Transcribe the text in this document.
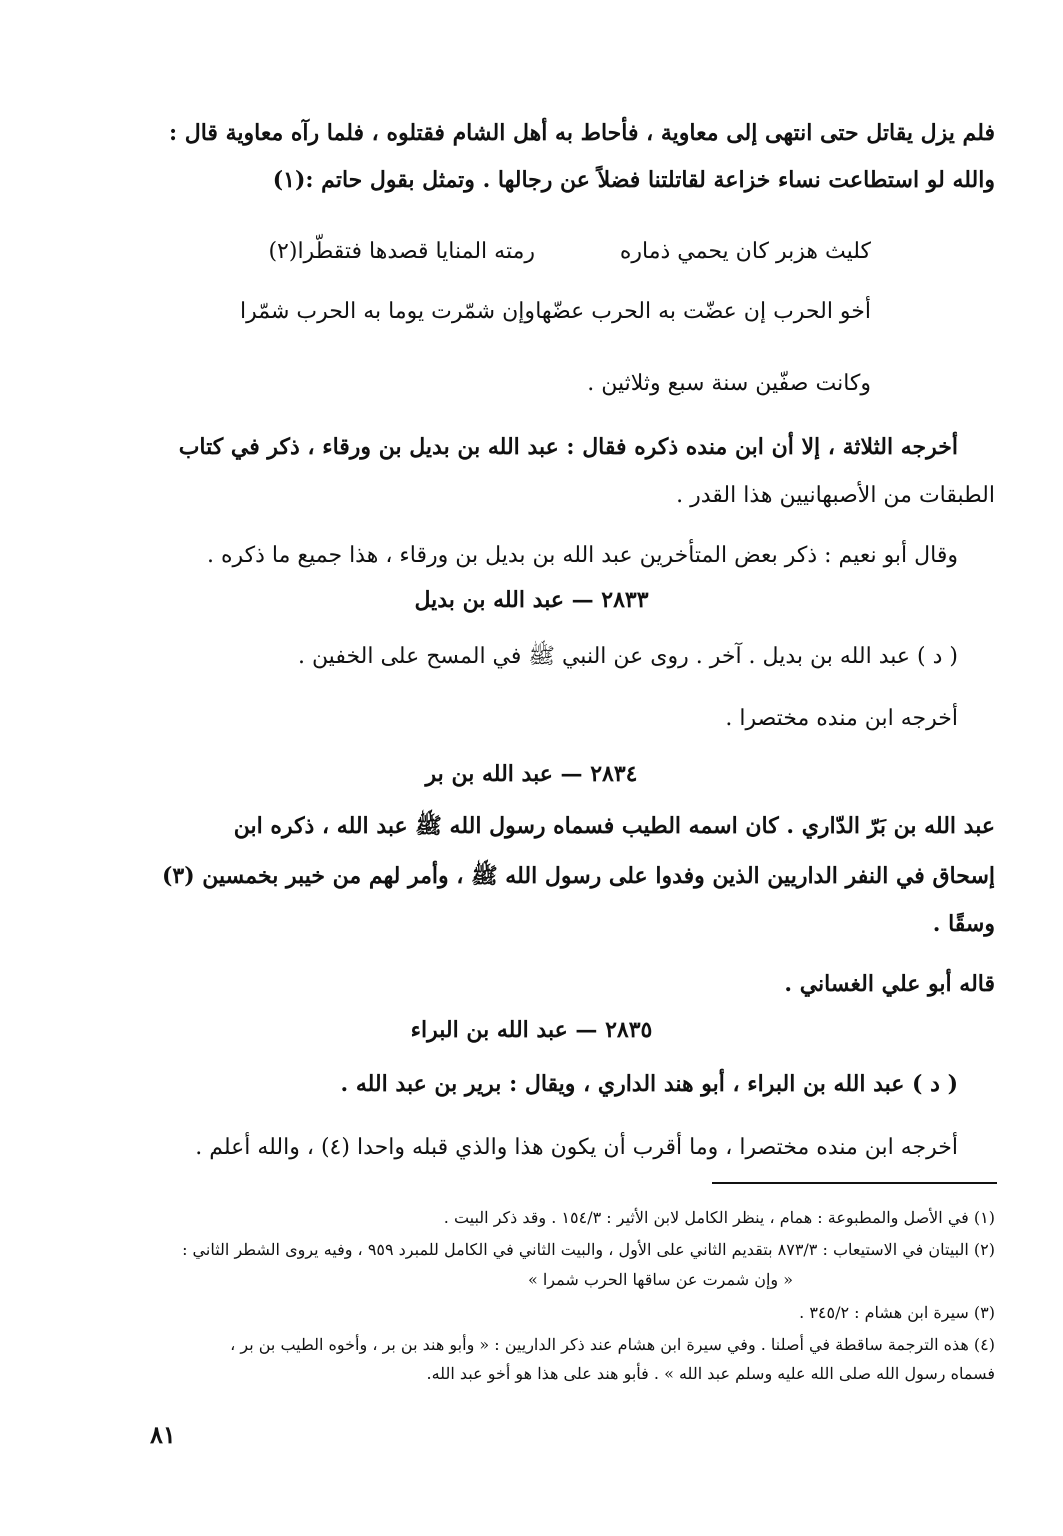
فلم يزل يقاتل حتى انتهى إلى معاوية ، فأحاط به أهل الشام فقتلوه ، فلما رآه معاوية قال :
والله لو استطاعت نساء خزاعة لقاتلتنا فضلاً عن رجالها . وتمثل بقول حاتم :(١)
كليث هزبر كان يحمي ذماره
رمته المنايا قصدها فتقطّرا(٢)
أخو الحرب إن عضّت به الحرب عضّها
وإن شمّرت يوما به الحرب شمّرا
وكانت صفّين سنة سبع وثلاثين .
أخرجه الثلاثة ، إلا أن ابن منده ذكره فقال : عبد الله بن بديل بن ورقاء ، ذكر في كتاب
الطبقات من الأصبهانيين هذا القدر .
وقال أبو نعيم : ذكر بعض المتأخرين عبد الله بن بديل بن ورقاء ، هذا جميع ما ذكره .
٢٨٣٣ — عبد الله بن بديل
( د ) عبد الله بن بديل . آخر . روى عن النبي ﷺ في المسح على الخفين .
أخرجه ابن منده مختصرا .
٢٨٣٤ — عبد الله بن بر
عبد الله بن بَرّ الدّاري . كان اسمه الطيب فسماه رسول الله ﷺ عبد الله ، ذكره ابن
إسحاق في النفر الداريين الذين وفدوا على رسول الله ﷺ ، وأمر لهم من خيبر بخمسين (٣)
وسقًا .
قاله أبو علي الغساني .
٢٨٣٥ — عبد الله بن البراء
( د ) عبد الله بن البراء ، أبو هند الداري ، ويقال : برير بن عبد الله .
أخرجه ابن منده مختصرا ، وما أقرب أن يكون هذا والذي قبله واحدا (٤) ، والله أعلم .
(١) في الأصل والمطبوعة : همام ، ينظر الكامل لابن الأثير : ١٥٤/٣ . وقد ذكر البيت .
(٢) البيتان في الاستيعاب : ٨٧٣/٣ بتقديم الثاني على الأول ، والبيت الثاني في الكامل للمبرد ٩٥٩ ، وفيه يروى الشطر الثاني :
« وإن شمرت عن ساقها الحرب شمرا »
(٣) سيرة ابن هشام : ٣٤٥/٢ .
(٤) هذه الترجمة ساقطة في أصلنا . وفي سيرة ابن هشام عند ذكر الداريين : « وأبو هند بن بر ، وأخوه الطيب بن بر ،
فسماه رسول الله صلى الله عليه وسلم عبد الله » . فأبو هند على هذا هو أخو عبد الله.
٨١
